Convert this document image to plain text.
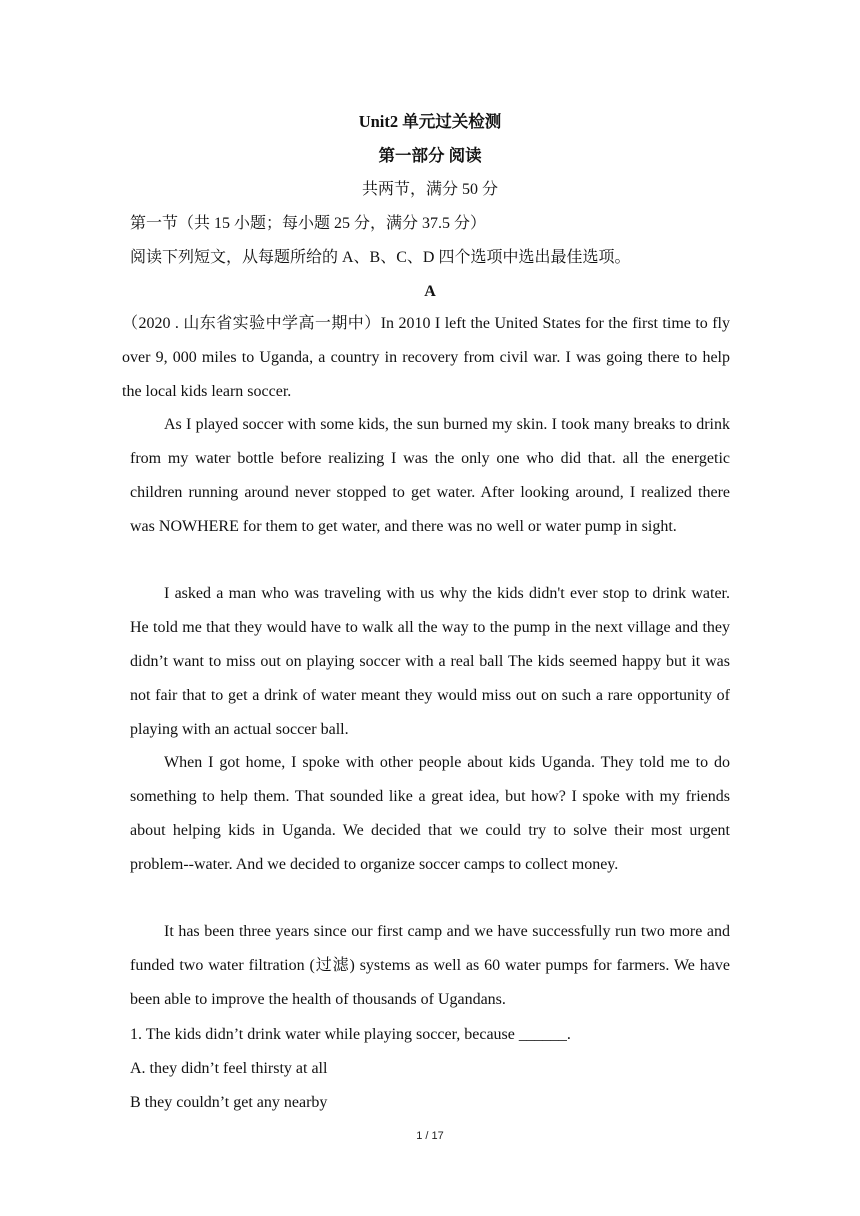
Unit2 单元过关检测
第一部分 阅读
共两节，满分 50 分
第一节（共 15 小题；每小题 25 分，满分 37.5 分）
阅读下列短文，从每题所给的 A、B、C、D 四个选项中选出最佳选项。
A

（2020 . 山东省实验中学高一期中）In 2010 I left the United States for the first time to fly over 9, 000 miles to Uganda, a country in recovery from civil war. I was going there to help the local kids learn soccer.

As I played soccer with some kids, the sun burned my skin. I took many breaks to drink from my water bottle before realizing I was the only one who did that. all the energetic children running around never stopped to get water. After looking around, I realized there was NOWHERE for them to get water, and there was no well or water pump in sight.

I asked a man who was traveling with us why the kids didn't ever stop to drink water. He told me that they would have to walk all the way to the pump in the next village and they didn’t want to miss out on playing soccer with a real ball The kids seemed happy but it was not fair that to get a drink of water meant they would miss out on such a rare opportunity of playing with an actual soccer ball.

When I got home, I spoke with other people about kids Uganda. They told me to do something to help them. That sounded like a great idea, but how? I spoke with my friends about helping kids in Uganda. We decided that we could try to solve their most urgent problem--water. And we decided to organize soccer camps to collect money.

It has been three years since our first camp and we have successfully run two more and funded two water filtration (过滤) systems as well as 60 water pumps for farmers. We have been able to improve the health of thousands of Ugandans.

1. The kids didn’t drink water while playing soccer, because ______.
A. they didn’t feel thirsty at all
B they couldn’t get any nearby
1 / 17
